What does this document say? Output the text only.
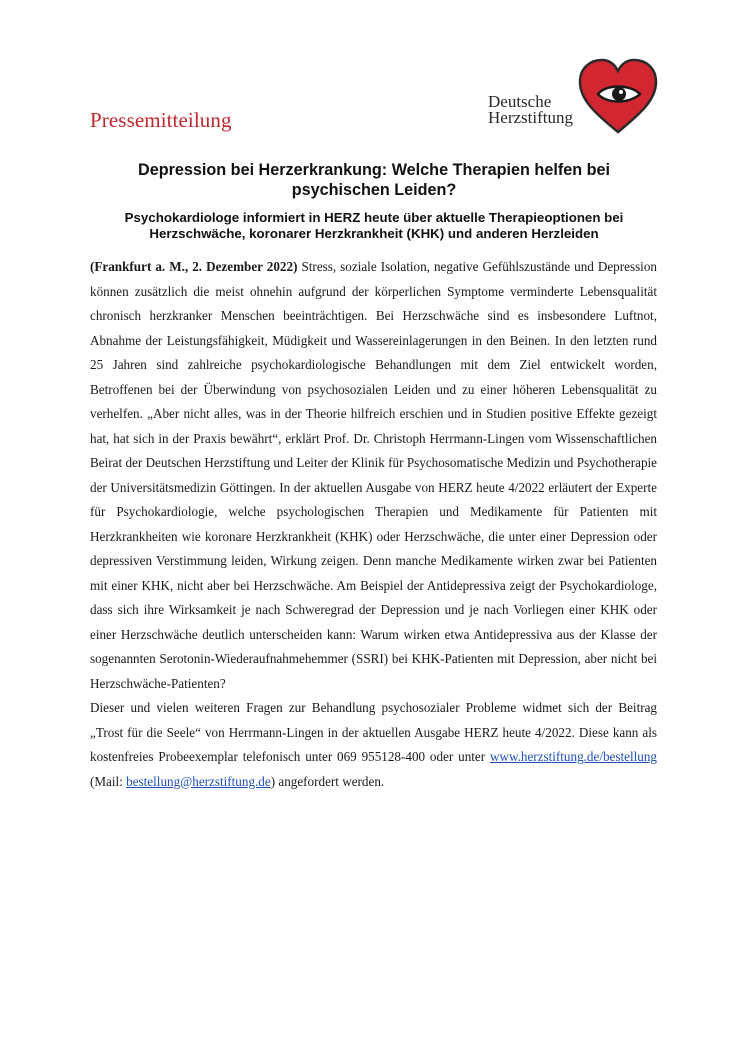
Pressemitteilung
Deutsche
Herzstiftung
Depression bei Herzerkrankung: Welche Therapien helfen bei psychischen Leiden?
Psychokardiologe informiert in HERZ heute über aktuelle Therapieoptionen bei Herzschwäche, koronarer Herzkrankheit (KHK) und anderen Herzleiden

(Frankfurt a. M., 2. Dezember 2022) Stress, soziale Isolation, negative Gefühlszustände und Depression können zusätzlich die meist ohnehin aufgrund der körperlichen Symptome verminderte Lebensqualität chronisch herzkranker Menschen beeinträchtigen. Bei Herzschwäche sind es insbesondere Luftnot, Abnahme der Leistungsfähigkeit, Müdigkeit und Wassereinlagerungen in den Beinen. In den letzten rund 25 Jahren sind zahlreiche psychokardiologische Behandlungen mit dem Ziel entwickelt worden, Betroffenen bei der Überwindung von psychosozialen Leiden und zu einer höheren Lebensqualität zu verhelfen. „Aber nicht alles, was in der Theorie hilfreich erschien und in Studien positive Effekte gezeigt hat, hat sich in der Praxis bewährt“, erklärt Prof. Dr. Christoph Herrmann-Lingen vom Wissenschaftlichen Beirat der Deutschen Herzstiftung und Leiter der Klinik für Psychosomatische Medizin und Psychotherapie der Universitätsmedizin Göttingen. In der aktuellen Ausgabe von HERZ heute 4/2022 erläutert der Experte für Psychokardiologie, welche psychologischen Therapien und Medikamente für Patienten mit Herzkrankheiten wie koronare Herzkrankheit (KHK) oder Herzschwäche, die unter einer Depression oder depressiven Verstimmung leiden, Wirkung zeigen. Denn manche Medikamente wirken zwar bei Patienten mit einer KHK, nicht aber bei Herzschwäche. Am Beispiel der Antidepressiva zeigt der Psychokardiologe, dass sich ihre Wirksamkeit je nach Schweregrad der Depression und je nach Vorliegen einer KHK oder einer Herzschwäche deutlich unterscheiden kann: Warum wirken etwa Antidepressiva aus der Klasse der sogenannten Serotonin-Wiederaufnahmehemmer (SSRI) bei KHK-Patienten mit Depression, aber nicht bei Herzschwäche-Patienten?

Dieser und vielen weiteren Fragen zur Behandlung psychosozialer Probleme widmet sich der Beitrag „Trost für die Seele“ von Herrmann-Lingen in der aktuellen Ausgabe HERZ heute 4/2022. Diese kann als kostenfreies Probeexemplar telefonisch unter 069 955128-400 oder unter www.herzstiftung.de/bestellung (Mail: bestellung@herzstiftung.de) angefordert werden.
